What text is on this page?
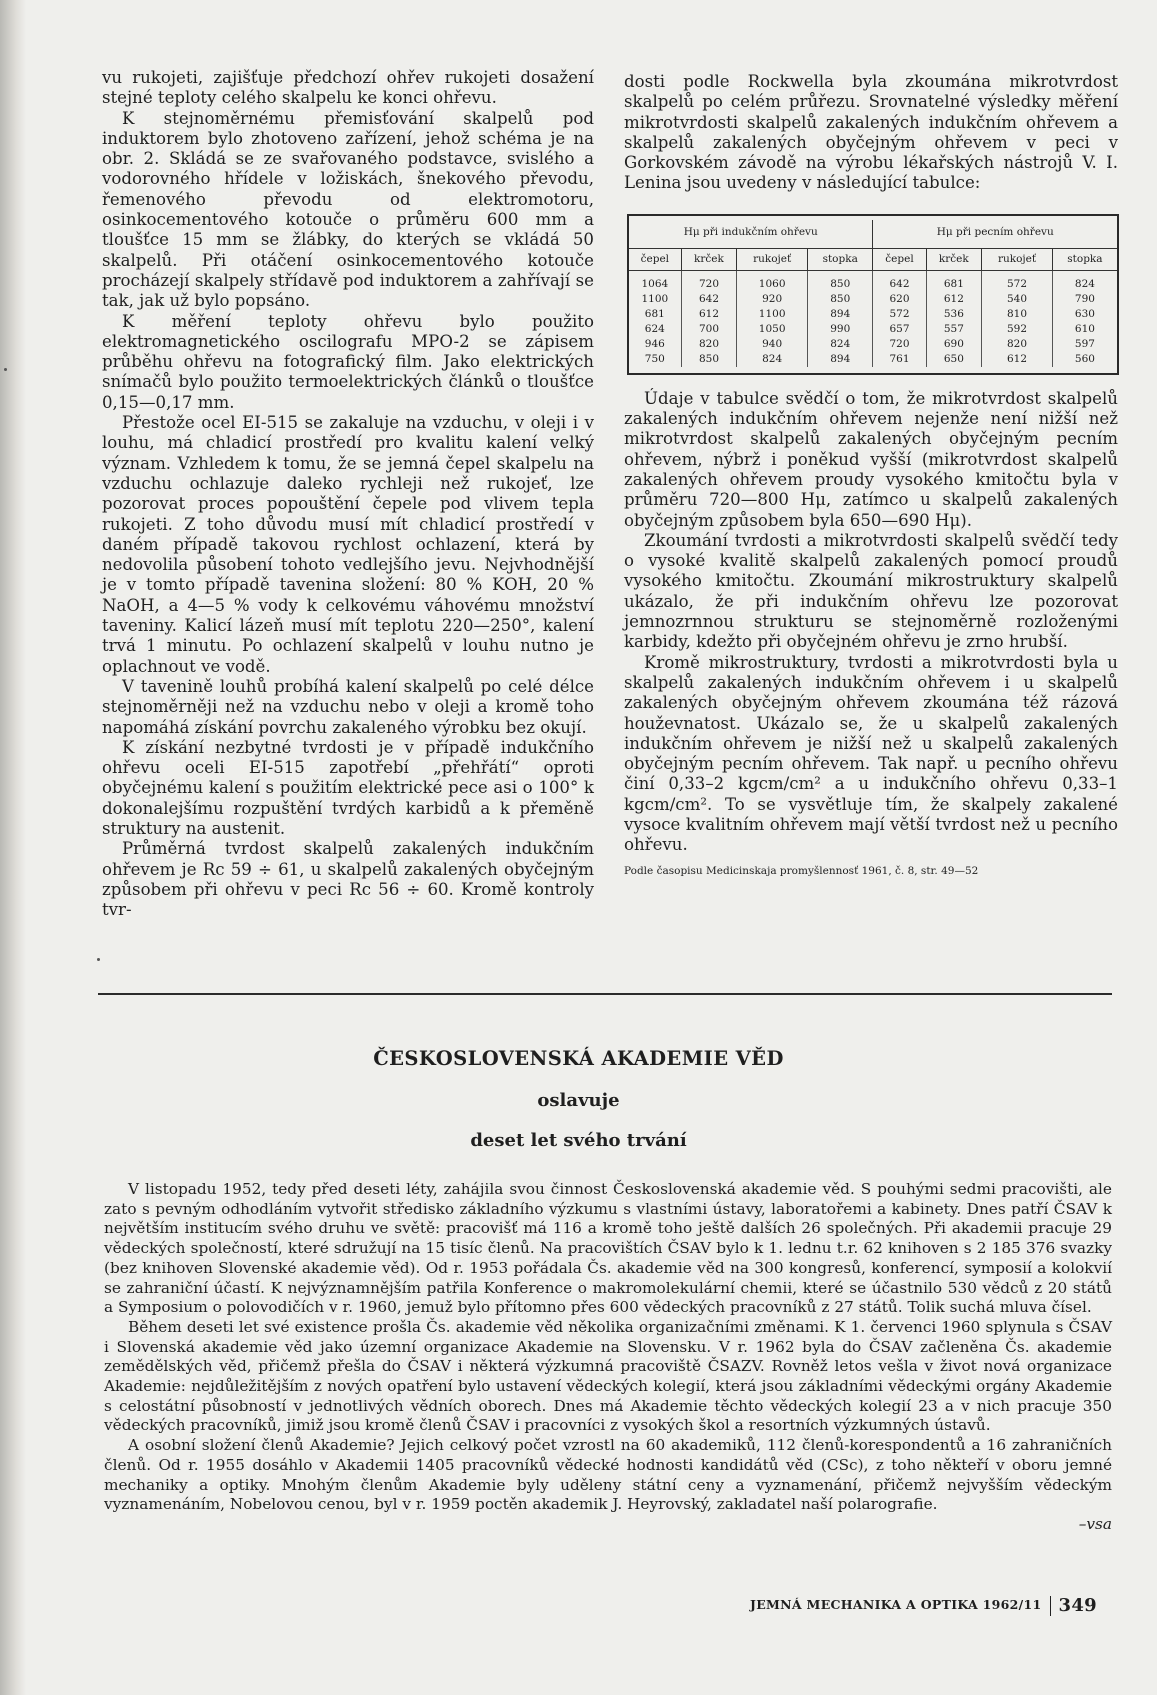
vu rukojeti, zajišťuje předchozí ohřev rukojeti dosažení stejné teploty celého skalpelu ke konci ohřevu.

K stejnoměrnému přemisťování skalpelů pod induktorem bylo zhotoveno zařízení, jehož schéma je na obr. 2. Skládá se ze svařovaného podstavce, svislého a vodorovného hřídele v ložiskách, šnekového převodu, řemenového převodu od elektromotoru, osinkocementového kotouče o průměru 600 mm a tloušťce 15 mm se žlábky, do kterých se vkládá 50 skalpelů. Při otáčení osinkocementového kotouče procházejí skalpely střídavě pod induktorem a zahřívají se tak, jak už bylo popsáno.

K měření teploty ohřevu bylo použito elektromagnetického oscilografu MPO-2 se zápisem průběhu ohřevu na fotografický film. Jako elektrických snímačů bylo použito termoelektrických článků o tloušťce 0,15—0,17 mm.

Přestože ocel EI-515 se zakaluje na vzduchu, v oleji i v louhu, má chladicí prostředí pro kvalitu kalení velký význam. Vzhledem k tomu, že se jemná čepel skalpelu na vzduchu ochlazuje daleko rychleji než rukojeť, lze pozorovat proces popouštění čepele pod vlivem tepla rukojeti. Z toho důvodu musí mít chladicí prostředí v daném případě takovou rychlost ochlazení, která by nedovolila působení tohoto vedlejšího jevu. Nejvhodnější je v tomto případě tavenina složení: 80 % KOH, 20 % NaOH, a 4—5 % vody k celkovému váhovému množství taveniny. Kalicí lázeň musí mít teplotu 220—250°, kalení trvá 1 minutu. Po ochlazení skalpelů v louhu nutno je oplachnout ve vodě.

V tavenině louhů probíhá kalení skalpelů po celé délce stejnoměrněji než na vzduchu nebo v oleji a kromě toho napomáhá získání povrchu zakaleného výrobku bez okují.

K získání nezbytné tvrdosti je v případě indukčního ohřevu oceli EI-515 zapotřebí „přehřátí“ oproti obyčejnému kalení s použitím elektrické pece asi o 100° k dokonalejšímu rozpuštění tvrdých karbidů a k přeměně struktury na austenit.

Průměrná tvrdost skalpelů zakalených indukčním ohřevem je Rc 59 ÷ 61, u skalpelů zakalených obyčejným způsobem při ohřevu v peci Rc 56 ÷ 60. Kromě kontroly tvr-

dosti podle Rockwella byla zkoumána mikrotvrdost skalpelů po celém průřezu. Srovnatelné výsledky měření mikrotvrdosti skalpelů zakalených indukčním ohřevem a skalpelů zakalených obyčejným ohřevem v peci v Gorkovském závodě na výrobu lékařských nástrojů V. I. Lenina jsou uvedeny v následující tabulce:

Hμ při indukčním ohřevu				Hμ při pecním ohřevu			
čepel	krček	rukojeť	stopka	čepel	krček	rukojeť	stopka
1064	720	1060	850	642	681	572	824
1100	642	920	850	620	612	540	790
681	612	1100	894	572	536	810	630
624	700	1050	990	657	557	592	610
946	820	940	824	720	690	820	597
750	850	824	894	761	650	612	560

Údaje v tabulce svědčí o tom, že mikrotvrdost skalpelů zakalených indukčním ohřevem nejenže není nižší než mikrotvrdost skalpelů zakalených obyčejným pecním ohřevem, nýbrž i poněkud vyšší (mikrotvrdost skalpelů zakalených ohřevem proudy vysokého kmitočtu byla v průměru 720—800 Hμ, zatímco u skalpelů zakalených obyčejným způsobem byla 650—690 Hμ).

Zkoumání tvrdosti a mikrotvrdosti skalpelů svědčí tedy o vysoké kvalitě skalpelů zakalených pomocí proudů vysokého kmitočtu. Zkoumání mikrostruktury skalpelů ukázalo, že při indukčním ohřevu lze pozorovat jemnozrnnou strukturu se stejnoměrně rozloženými karbidy, kdežto při obyčejném ohřevu je zrno hrubší.

Kromě mikrostruktury, tvrdosti a mikrotvrdosti byla u skalpelů zakalených indukčním ohřevem i u skalpelů zakalených obyčejným ohřevem zkoumána též rázová houževnatost. Ukázalo se, že u skalpelů zakalených indukčním ohřevem je nižší než u skalpelů zakalených obyčejným pecním ohřevem. Tak např. u pecního ohřevu činí 0,33–2 kgcm/cm² a u indukčního ohřevu 0,33–1 kgcm/cm². To se vysvětluje tím, že skalpely zakalené vysoce kvalitním ohřevem mají větší tvrdost než u pecního ohřevu.

Podle časopisu Medicinskaja promyšlennosť 1961, č. 8, str. 49—52

ČESKOSLOVENSKÁ AKADEMIE VĚD
oslavuje
deset let svého trvání

V listopadu 1952, tedy před deseti léty, zahájila svou činnost Československá akademie věd. S pouhými sedmi pracovišti, ale zato s pevným odhodláním vytvořit středisko základního výzkumu s vlastními ústavy, laboratořemi a kabinety. Dnes patří ČSAV k největším institucím svého druhu ve světě: pracovišť má 116 a kromě toho ještě dalších 26 společných. Při akademii pracuje 29 vědeckých společností, které sdružují na 15 tisíc členů. Na pracovištích ČSAV bylo k 1. lednu t.r. 62 knihoven s 2 185 376 svazky (bez knihoven Slovenské akademie věd). Od r. 1953 pořádala Čs. akademie věd na 300 kongresů, konferencí, symposií a kolokvií se zahraniční účastí. K nejvýznamnějším patřila Konference o makromolekulární chemii, které se účastnilo 530 vědců z 20 států a Symposium o polovodičích v r. 1960, jemuž bylo přítomno přes 600 vědeckých pracovníků z 27 států. Tolik suchá mluva čísel.

Během deseti let své existence prošla Čs. akademie věd několika organizačními změnami. K 1. červenci 1960 splynula s ČSAV i Slovenská akademie věd jako územní organizace Akademie na Slovensku. V r. 1962 byla do ČSAV začleněna Čs. akademie zemědělských věd, přičemž přešla do ČSAV i některá výzkumná pracoviště ČSAZV. Rovněž letos vešla v život nová organizace Akademie: nejdůležitějším z nových opatření bylo ustavení vědeckých kolegií, která jsou základními vědeckými orgány Akademie s celostátní působností v jednotlivých vědních oborech. Dnes má Akademie těchto vědeckých kolegií 23 a v nich pracuje 350 vědeckých pracovníků, jimiž jsou kromě členů ČSAV i pracovníci z vysokých škol a resortních výzkumných ústavů.

A osobní složení členů Akademie? Jejich celkový počet vzrostl na 60 akademiků, 112 členů-korespondentů a 16 zahraničních členů. Od r. 1955 dosáhlo v Akademii 1405 pracovníků vědecké hodnosti kandidátů věd (CSc), z toho někteří v oboru jemné mechaniky a optiky. Mnohým členům Akademie byly uděleny státní ceny a vyznamenání, přičemž nejvyšším vědeckým vyznamenáním, Nobelovou cenou, byl v r. 1959 poctěn akademik J. Heyrovský, zakladatel naší polarografie.

–vsa

JEMNÁ MECHANIKA A OPTIKA 1962/11 349
